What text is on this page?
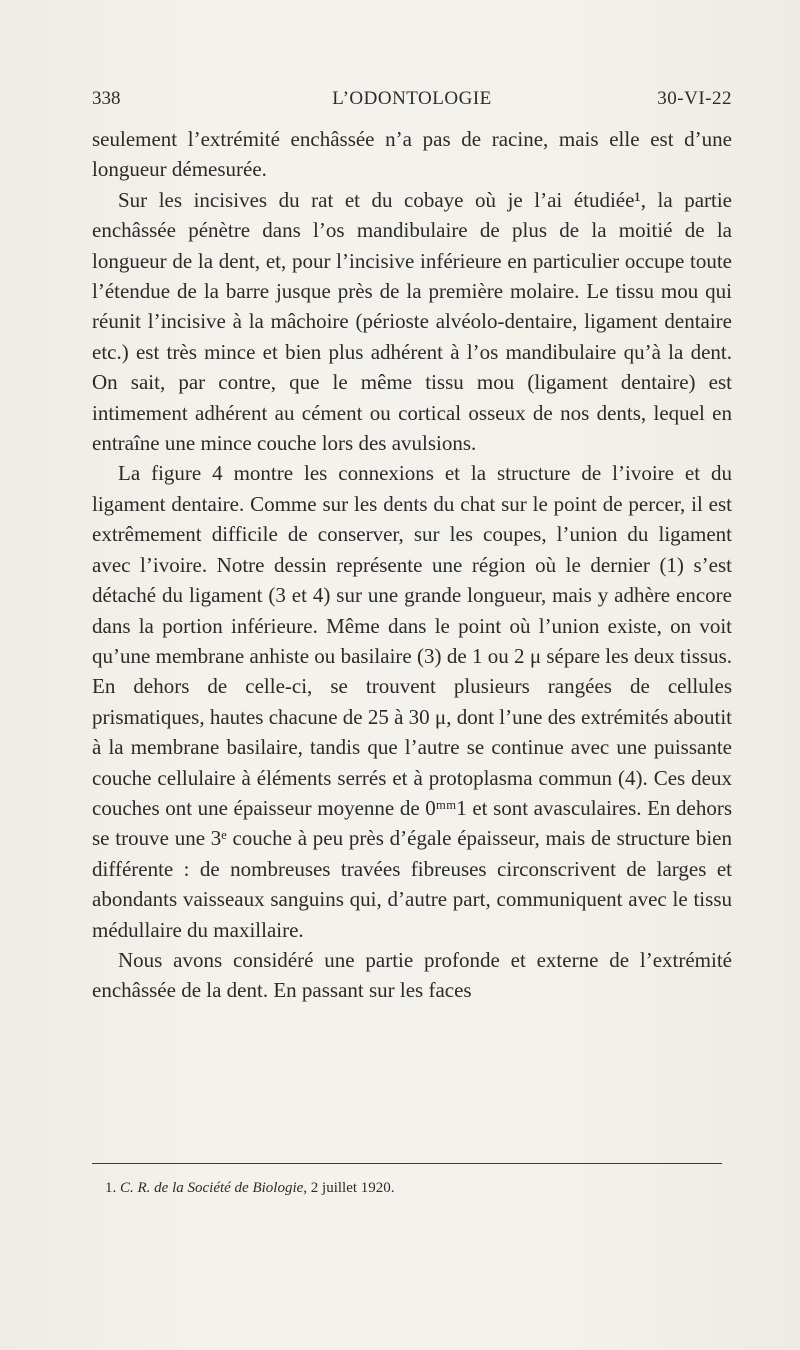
338	L’ODONTOLOGIE	30-VI-22

seulement l’extrémité enchâssée n’a pas de racine, mais elle est d’une longueur démesurée.

Sur les incisives du rat et du cobaye où je l’ai étudiée¹, la partie enchâssée pénètre dans l’os mandibulaire de plus de la moitié de la longueur de la dent, et, pour l’incisive inférieure en particulier occupe toute l’étendue de la barre jusque près de la première molaire. Le tissu mou qui réunit l’incisive à la mâchoire (périoste alvéolo-dentaire, ligament dentaire etc.) est très mince et bien plus adhérent à l’os mandibulaire qu’à la dent. On sait, par contre, que le même tissu mou (ligament dentaire) est intimement adhérent au cément ou cortical osseux de nos dents, lequel en entraîne une mince couche lors des avulsions.

La figure 4 montre les connexions et la structure de l’ivoire et du ligament dentaire. Comme sur les dents du chat sur le point de percer, il est extrêmement difficile de conserver, sur les coupes, l’union du ligament avec l’ivoire. Notre dessin représente une région où le dernier (1) s’est détaché du ligament (3 et 4) sur une grande longueur, mais y adhère encore dans la portion inférieure. Même dans le point où l’union existe, on voit qu’une membrane anhiste ou basilaire (3) de 1 ou 2 μ sépare les deux tissus. En dehors de celle-ci, se trouvent plusieurs rangées de cellules prismatiques, hautes chacune de 25 à 30 μ, dont l’une des extrémités aboutit à la membrane basilaire, tandis que l’autre se continue avec une puissante couche cellulaire à éléments serrés et à protoplasma commun (4). Ces deux couches ont une épaisseur moyenne de 0ᵐᵐ1 et sont avasculaires. En dehors se trouve une 3ᵉ couche à peu près d’égale épaisseur, mais de structure bien différente : de nombreuses travées fibreuses circonscrivent de larges et abondants vaisseaux sanguins qui, d’autre part, communiquent avec le tissu médullaire du maxillaire.

Nous avons considéré une partie profonde et externe de l’extrémité enchâssée de la dent. En passant sur les faces

1. C. R. de la Société de Biologie, 2 juillet 1920.
